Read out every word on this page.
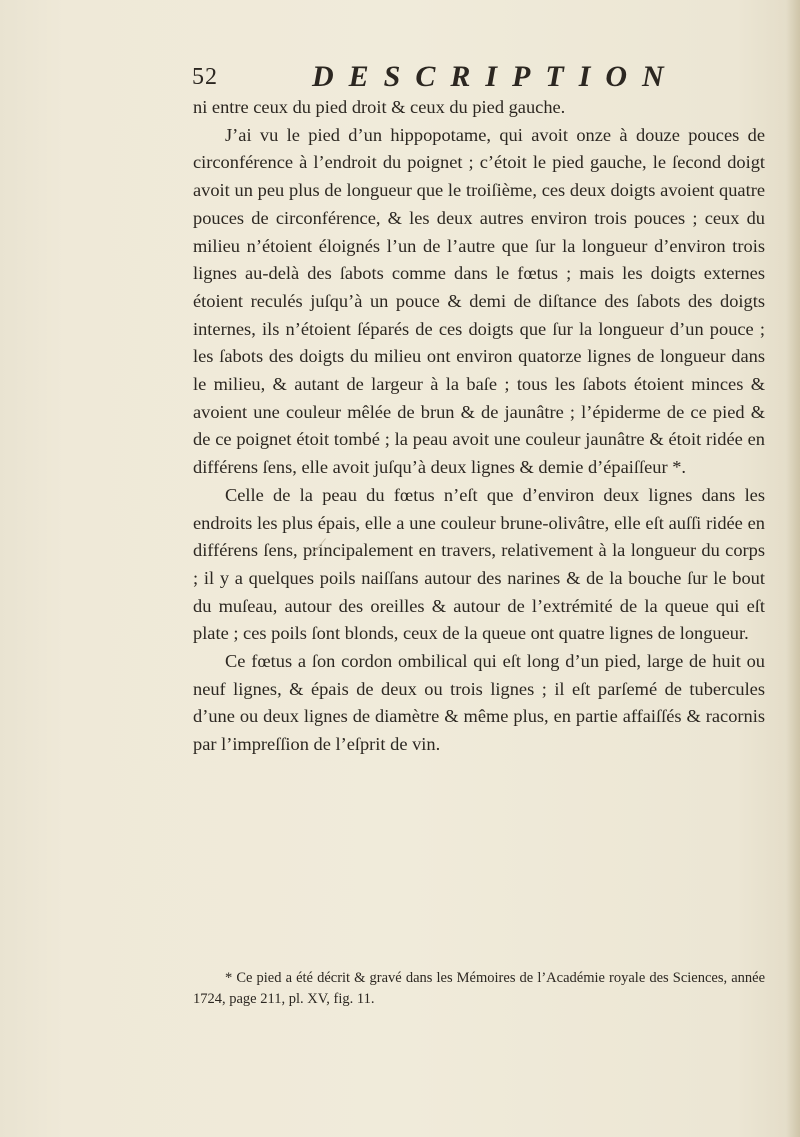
52	DESCRIPTION

ni entre ceux du pied droit & ceux du pied gauche.

J’ai vu le pied d’un hippopotame, qui avoit onze à douze pouces de circonférence à l’endroit du poignet ; c’étoit le pied gauche, le ſecond doigt avoit un peu plus de longueur que le troiſième, ces deux doigts avoient quatre pouces de circonférence, & les deux autres environ trois pouces ; ceux du milieu n’étoient éloignés l’un de l’autre que ſur la longueur d’environ trois lignes au-delà des ſabots comme dans le fœtus ; mais les doigts externes étoient reculés juſqu’à un pouce & demi de diſtance des ſabots des doigts internes, ils n’étoient ſéparés de ces doigts que ſur la longueur d’un pouce ; les ſabots des doigts du milieu ont environ quatorze lignes de longueur dans le milieu, & autant de largeur à la baſe ; tous les ſabots étoient minces & avoient une couleur mêlée de brun & de jaunâtre ; l’épiderme de ce pied & de ce poignet étoit tombé ; la peau avoit une couleur jaunâtre & étoit ridée en différens ſens, elle avoit juſqu’à deux lignes & demie d’épaiſſeur *.

Celle de la peau du fœtus n’eſt que d’environ deux lignes dans les endroits les plus épais, elle a une couleur brune-olivâtre, elle eſt auſſi ridée en différens ſens, principalement en travers, relativement à la longueur du corps ; il y a quelques poils naiſſans autour des narines & de la bouche ſur le bout du muſeau, autour des oreilles & autour de l’extrémité de la queue qui eſt plate ; ces poils ſont blonds, ceux de la queue ont quatre lignes de longueur.

Ce fœtus a ſon cordon ombilical qui eſt long d’un pied, large de huit ou neuf lignes, & épais de deux ou trois lignes ; il eſt parſemé de tubercules d’une ou deux lignes de diamètre & même plus, en partie affaiſſés & racornis par l’impreſſion de l’eſprit de vin.

* Ce pied a été décrit & gravé dans les Mémoires de l’Académie royale des Sciences, année 1724, page 211, pl. XV, fig. 11.
